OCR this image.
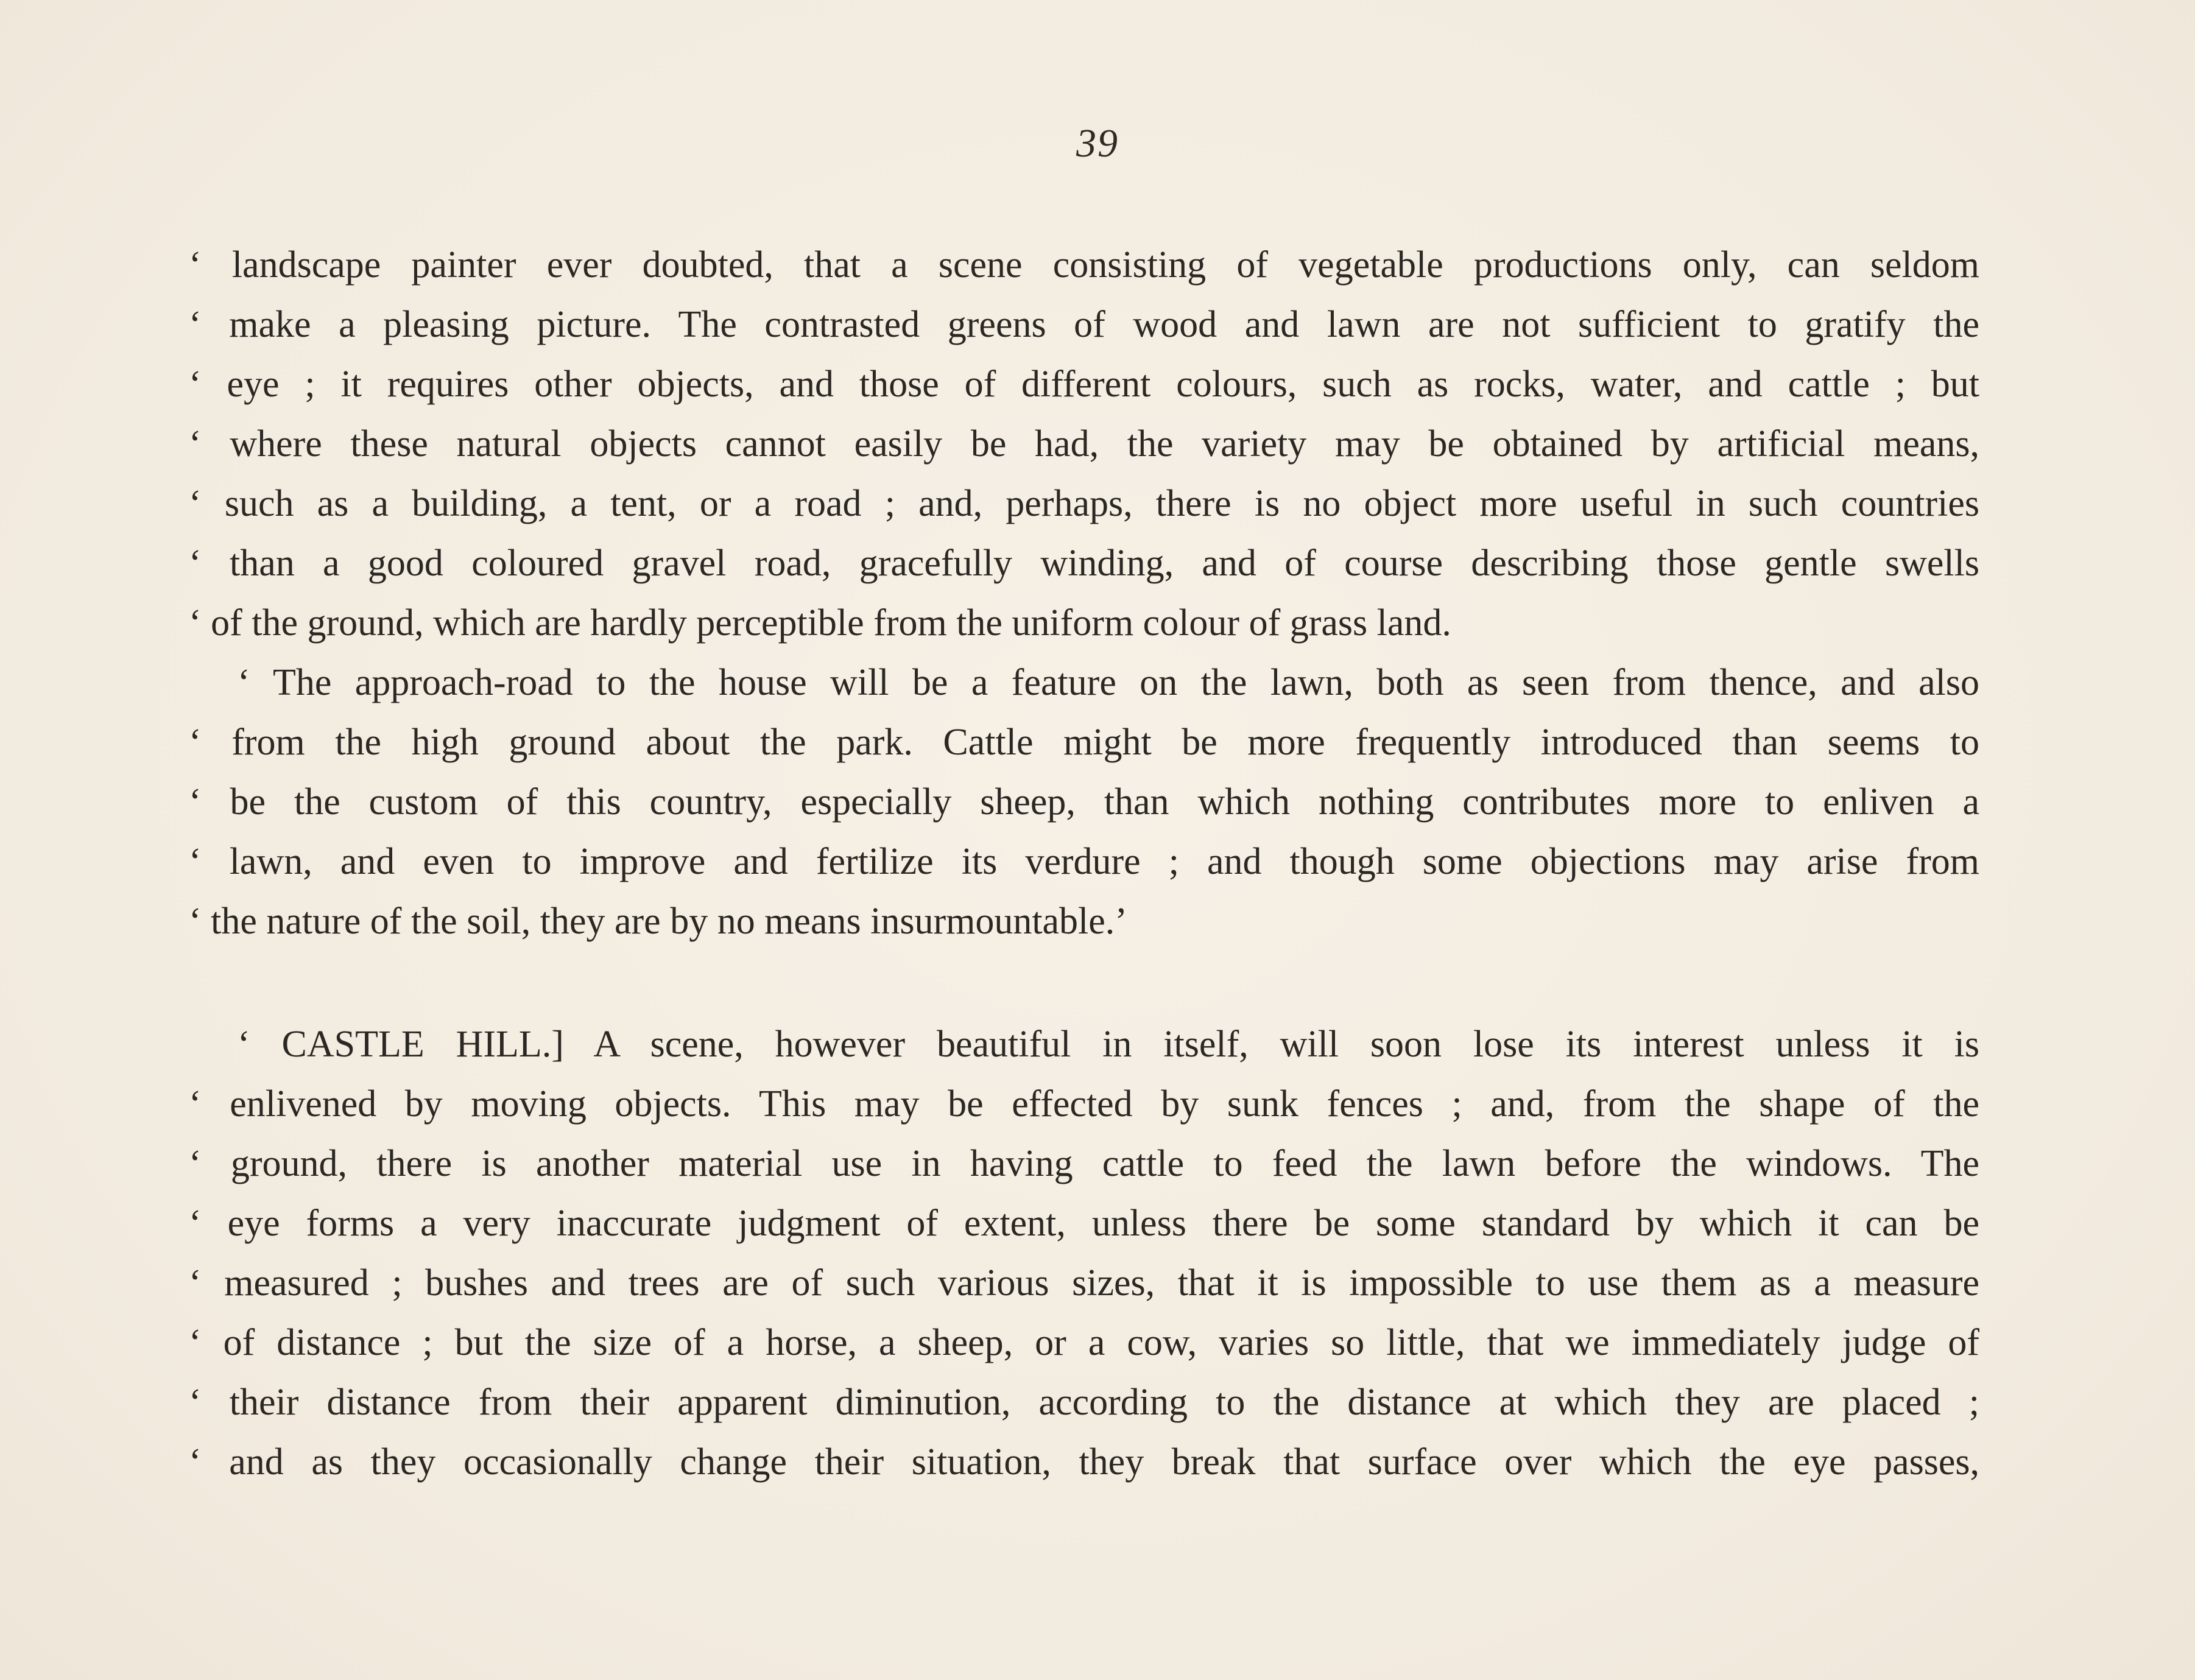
39
‘ landscape painter ever doubted, that a scene consisting of vegetable productions only, can seldom
‘ make a pleasing picture. The contrasted greens of wood and lawn are not sufficient to gratify the
‘ eye ; it requires other objects, and those of different colours, such as rocks, water, and cattle ; but
‘ where these natural objects cannot easily be had, the variety may be obtained by artificial means,
‘ such as a building, a tent, or a road ; and, perhaps, there is no object more useful in such countries
‘ than a good coloured gravel road, gracefully winding, and of course describing those gentle swells
‘ of the ground, which are hardly perceptible from the uniform colour of grass land.
‘ The approach-road to the house will be a feature on the lawn, both as seen from thence, and also
‘ from the high ground about the park. Cattle might be more frequently introduced than seems to
‘ be the custom of this country, especially sheep, than which nothing contributes more to enliven a
‘ lawn, and even to improve and fertilize its verdure ; and though some objections may arise from
‘ the nature of the soil, they are by no means insurmountable.’
‘ CASTLE HILL.] A scene, however beautiful in itself, will soon lose its interest unless it is
‘ enlivened by moving objects. This may be effected by sunk fences ; and, from the shape of the
‘ ground, there is another material use in having cattle to feed the lawn before the windows. The
‘ eye forms a very inaccurate judgment of extent, unless there be some standard by which it can be
‘ measured ; bushes and trees are of such various sizes, that it is impossible to use them as a measure
‘ of distance ; but the size of a horse, a sheep, or a cow, varies so little, that we immediately judge of
‘ their distance from their apparent diminution, according to the distance at which they are placed ;
‘ and as they occasionally change their situation, they break that surface over which the eye passes,
